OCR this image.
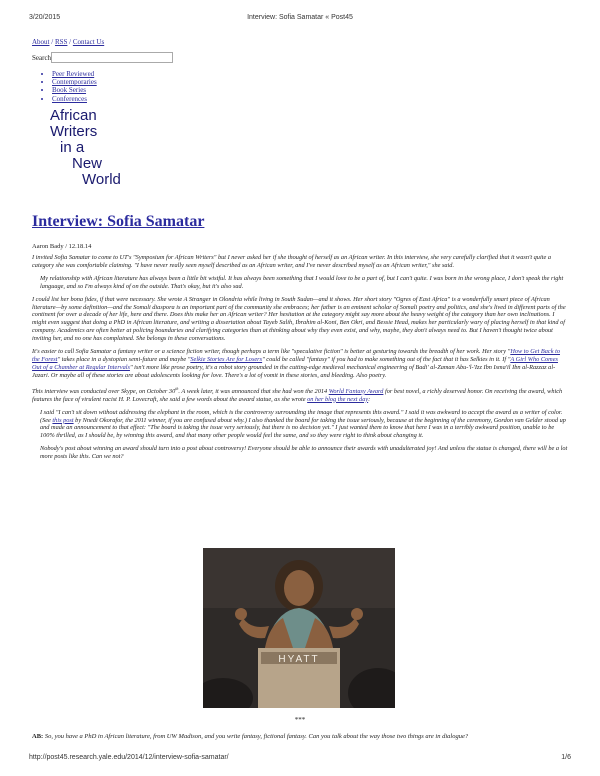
3/20/2015	Interview: Sofia Samatar « Post45
About / RSS / Contact Us
Search
• Peer Reviewed
• Contemporaries
• Book Series
• Conferences
African
Writers
in a
New
World
Interview: Sofia Samatar
Aaron Bady / 12.18.14

I invited Sofia Samatar to come to UT's "Symposium for African Writers" but I never asked her if she thought of herself as an African writer. In this interview, she very carefully clarified that it wasn't quite a category she was comfortable claiming. "I have never really seen myself described as an African writer, and I've never described myself as an African writer," she said.

My relationship with African literature has always been a little bit wistful. It has always been something that I would love to be a part of, but I can't quite. I was born in the wrong place, I don't speak the right language, and so I'm always kind of on the outside. That's okay, but it's also sad.

I could list her bona fides, if that were necessary. She wrote A Stranger in Olondria while living in South Sudan—and it shows. Her short story "Ogres of East Africa" is a wonderfully smart piece of African literature—by some definition—and the Somali diaspora is an important part of the community she embraces; her father is an eminent scholar of Somali poetry and politics, and she's lived in different parts of the continent for over a decade of her life, here and there. Does this make her an African writer? Her hesitation at the category might say more about the heavy weight of the category than her own inclinations. I might even suggest that doing a PhD in African literature, and writing a dissertation about Tayeb Salih, Ibrahim al-Koni, Ben Okri, and Bessie Head, makes her particularly wary of placing herself in that kind of company. Academics are often better at policing boundaries and clarifying categories than at thinking about why they even exist, and why, maybe, they don't always need to. But I haven't thought twice about inviting her, and no one has complained. She belongs in these conversations.

It's easier to call Sofia Samatar a fantasy writer or a science fiction writer, though perhaps a term like "speculative fiction" is better at gesturing towards the breadth of her work. Her story "How to Get Back to the Forest" takes place in a dystopian semi-future and maybe "Selkie Stories Are for Losers" could be called "fantasy" if you had to make something out of the fact that it has Selkies in it. If "A Girl Who Comes Out of a Chamber at Regular Intervals" isn't more like prose poetry, it's a robot story grounded in the cutting-edge medieval mechanical engineering of Badi' al-Zaman Abu-'l-'Izz Ibn Isma'il Ibn al-Razzaz al-Jazari. Or maybe all of these stories are about adolescents looking for love. There's a lot of vomit in these stories, and bleeding. Also poetry.

This interview was conducted over Skype, on October 30th. A week later, it was announced that she had won the 2014 World Fantasy Award for best novel, a richly deserved honor. On receiving the award, which features the face of virulent racist H. P. Lovecraft, she said a few words about the award statue, as she wrote on her blog the next day:

I said "I can't sit down without addressing the elephant in the room, which is the controversy surrounding the image that represents this award." I said it was awkward to accept the award as a writer of color. (See this post by Nnedi Okorafor, the 2011 winner, if you are confused about why.) I also thanked the board for taking the issue seriously, because at the beginning of the ceremony, Gordon van Gelder stood up and made an announcement to that effect: "The board is taking the issue very seriously, but there is no decision yet." I just wanted them to know that here I was in a terribly awkward position, unable to be 100% thrilled, as I should be, by winning this award, and that many other people would feel the same, and so they were right to think about changing it.

Nobody's post about winning an award should turn into a post about controversy! Everyone should be able to announce their awards with unadulterated joy! And unless the statue is changed, there will be a lot more posts like this. Can we not?

HYATT
***
AB: So, you have a PhD in African literature, from UW Madison, and you write fantasy, fictional fantasy. Can you talk about the way those two things are in dialogue?
http://post45.research.yale.edu/2014/12/interview-sofia-samatar/	1/6
